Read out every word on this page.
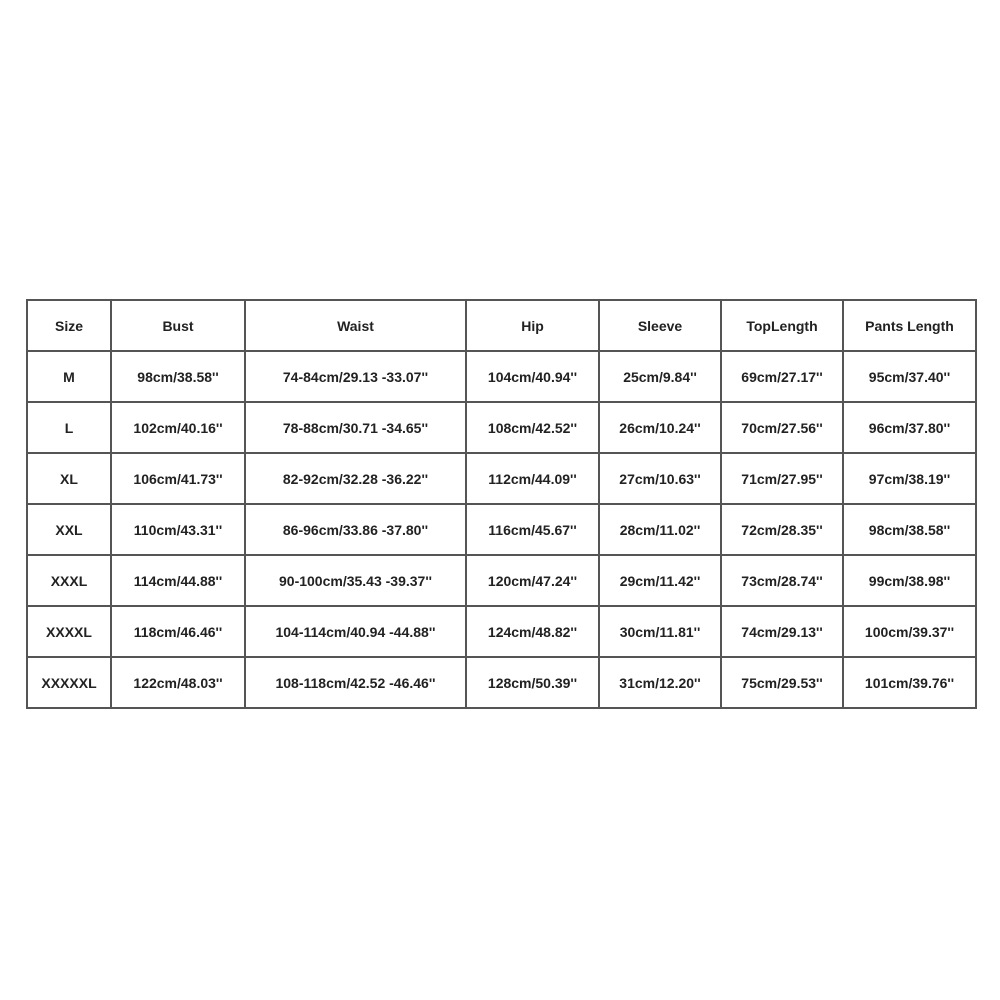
Size	Bust	Waist	Hip	Sleeve	TopLength	Pants Length
M	98cm/38.58''	74-84cm/29.13 -33.07''	104cm/40.94''	25cm/9.84''	69cm/27.17''	95cm/37.40''
L	102cm/40.16''	78-88cm/30.71 -34.65''	108cm/42.52''	26cm/10.24''	70cm/27.56''	96cm/37.80''
XL	106cm/41.73''	82-92cm/32.28 -36.22''	112cm/44.09''	27cm/10.63''	71cm/27.95''	97cm/38.19''
XXL	110cm/43.31''	86-96cm/33.86 -37.80''	116cm/45.67''	28cm/11.02''	72cm/28.35''	98cm/38.58''
XXXL	114cm/44.88''	90-100cm/35.43 -39.37''	120cm/47.24''	29cm/11.42''	73cm/28.74''	99cm/38.98''
XXXXL	118cm/46.46''	104-114cm/40.94 -44.88''	124cm/48.82''	30cm/11.81''	74cm/29.13''	100cm/39.37''
XXXXXL	122cm/48.03''	108-118cm/42.52 -46.46''	128cm/50.39''	31cm/12.20''	75cm/29.53''	101cm/39.76''
